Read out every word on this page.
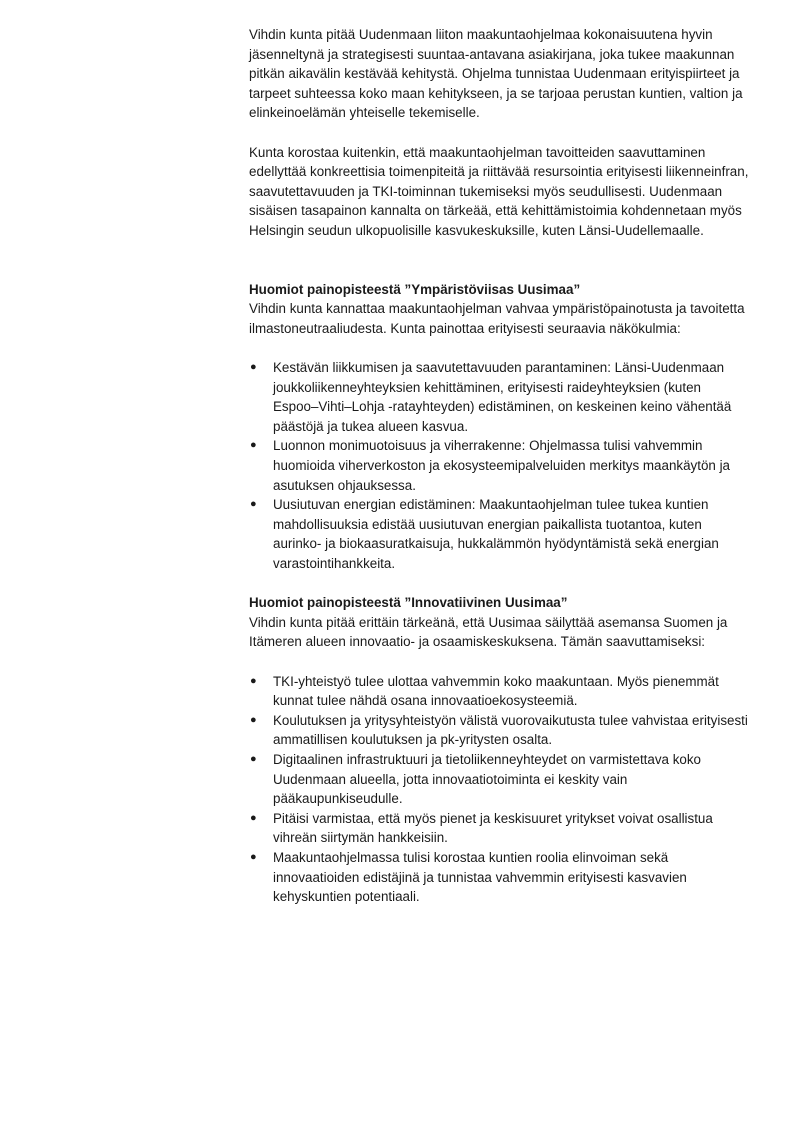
Vihdin kunta pitää Uudenmaan liiton maakuntaohjelmaa kokonaisuutena hyvin jäsenneltynä ja strategisesti suuntaa-antavana asiakirjana, joka tukee maakunnan pitkän aikavälin kestävää kehitystä. Ohjelma tunnistaa Uudenmaan erityispiirteet ja tarpeet suhteessa koko maan kehitykseen, ja se tarjoaa perustan kuntien, valtion ja elinkeinoelämän yhteiselle tekemiselle.

Kunta korostaa kuitenkin, että maakuntaohjelman tavoitteiden saavuttaminen edellyttää konkreettisia toimenpiteitä ja riittävää resursointia erityisesti liikenneinfran, saavutettavuuden ja TKI-toiminnan tukemiseksi myös seudullisesti. Uudenmaan sisäisen tasapainon kannalta on tärkeää, että kehittämistoimia kohdennetaan myös Helsingin seudun ulkopuolisille kasvukeskuksille, kuten Länsi-Uudellemaalle.

Huomiot painopisteestä ”Ympäristöviisas Uusimaa”

Vihdin kunta kannattaa maakuntaohjelman vahvaa ympäristöpainotusta ja tavoitetta ilmastoneutraaliudesta. Kunta painottaa erityisesti seuraavia näkökulmia:

● Kestävän liikkumisen ja saavutettavuuden parantaminen: Länsi-Uudenmaan joukkoliikenneyhteyksien kehittäminen, erityisesti raideyhteyksien (kuten Espoo–Vihti–Lohja -ratayhteyden) edistäminen, on keskeinen keino vähentää päästöjä ja tukea alueen kasvua.
● Luonnon monimuotoisuus ja viherrakenne: Ohjelmassa tulisi vahvemmin huomioida viherverkoston ja ekosysteemipalveluiden merkitys maankäytön ja asutuksen ohjauksessa.
● Uusiutuvan energian edistäminen: Maakuntaohjelman tulee tukea kuntien mahdollisuuksia edistää uusiutuvan energian paikallista tuotantoa, kuten aurinko- ja biokaasuratkaisuja, hukkalämmön hyödyntämistä sekä energian varastointihankkeita.

Huomiot painopisteestä ”Innovatiivinen Uusimaa”

Vihdin kunta pitää erittäin tärkeänä, että Uusimaa säilyttää asemansa Suomen ja Itämeren alueen innovaatio- ja osaamiskeskuksena. Tämän saavuttamiseksi:

● TKI-yhteistyö tulee ulottaa vahvemmin koko maakuntaan. Myös pienemmät kunnat tulee nähdä osana innovaatioekosysteemiä.
● Koulutuksen ja yritysyhteistyön välistä vuorovaikutusta tulee vahvistaa erityisesti ammatillisen koulutuksen ja pk-yritysten osalta.
● Digitaalinen infrastruktuuri ja tietoliikenneyhteydet on varmistettava koko Uudenmaan alueella, jotta innovaatiotoiminta ei keskity vain pääkaupunkiseudulle.
● Pitäisi varmistaa, että myös pienet ja keskisuuret yritykset voivat osallistua vihreän siirtymän hankkeisiin.
● Maakuntaohjelmassa tulisi korostaa kuntien roolia elinvoiman sekä innovaatioiden edistäjinä ja tunnistaa vahvemmin erityisesti kasvavien kehyskuntien potentiaali.
